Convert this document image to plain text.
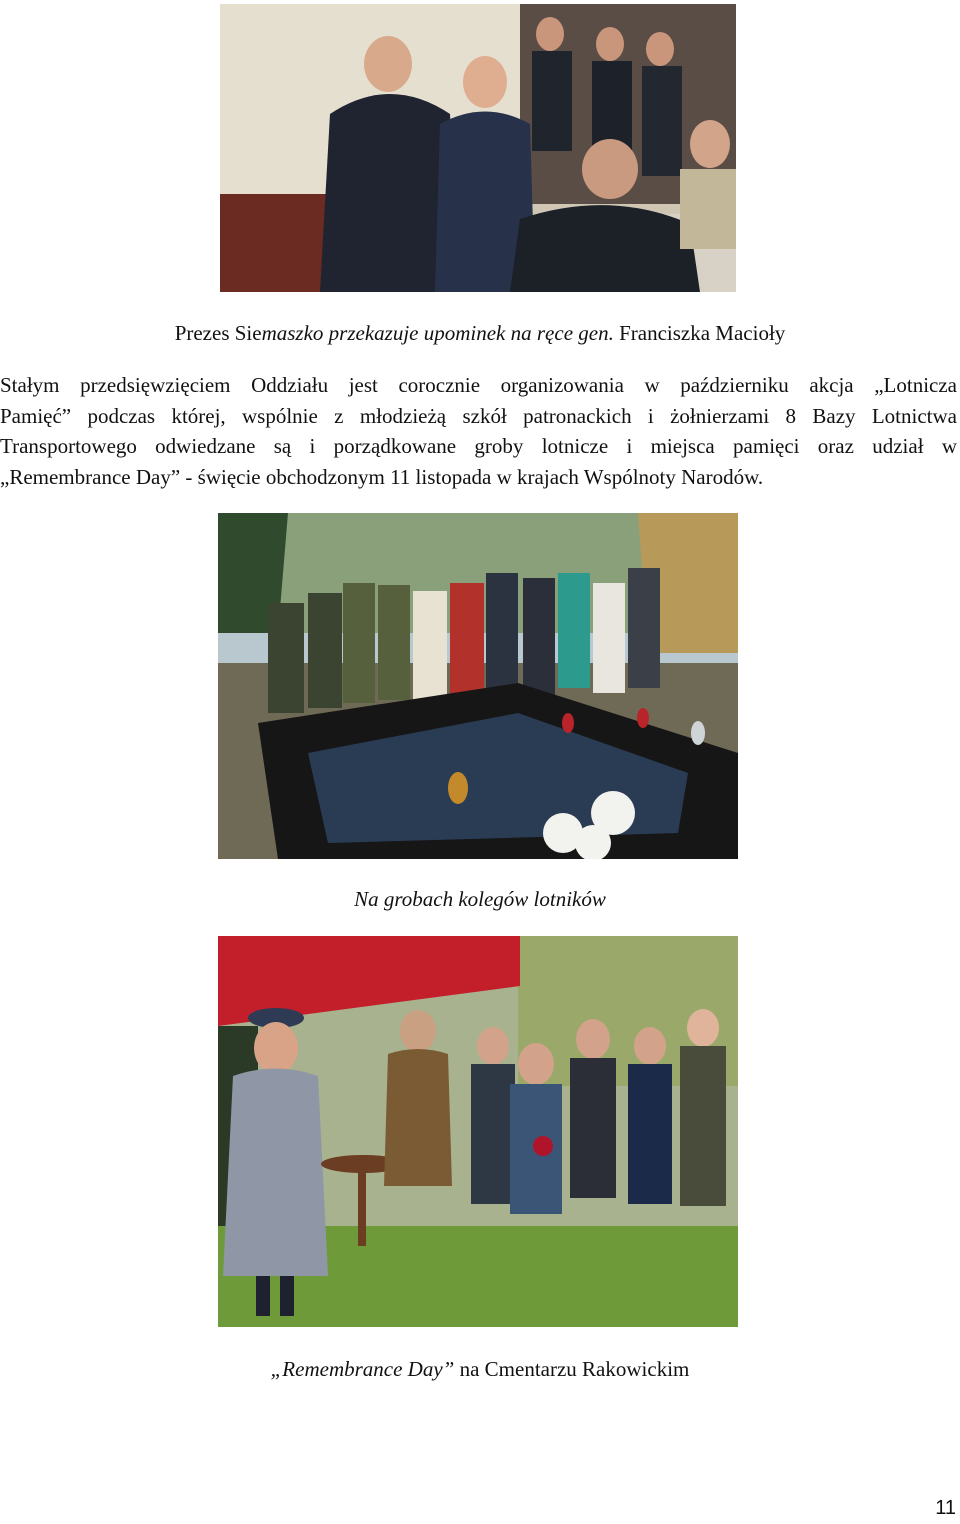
Prezes Siemaszko przekazuje upominek na ręce gen. Franciszka Macioły
Stałym przedsięwzięciem Oddziału jest corocznie organizowania w październiku akcja „Lotnicza
Pamięć” podczas której, wspólnie z młodzieżą szkół patronackich i żołnierzami 8 Bazy Lotnictwa
Transportowego odwiedzane są i porządkowane groby lotnicze i miejsca pamięci oraz udział w
„Remembrance Day” - święcie obchodzonym 11 listopada w krajach Wspólnoty Narodów.
Na grobach kolegów lotników
„Remembrance Day” na Cmentarzu Rakowickim
11
